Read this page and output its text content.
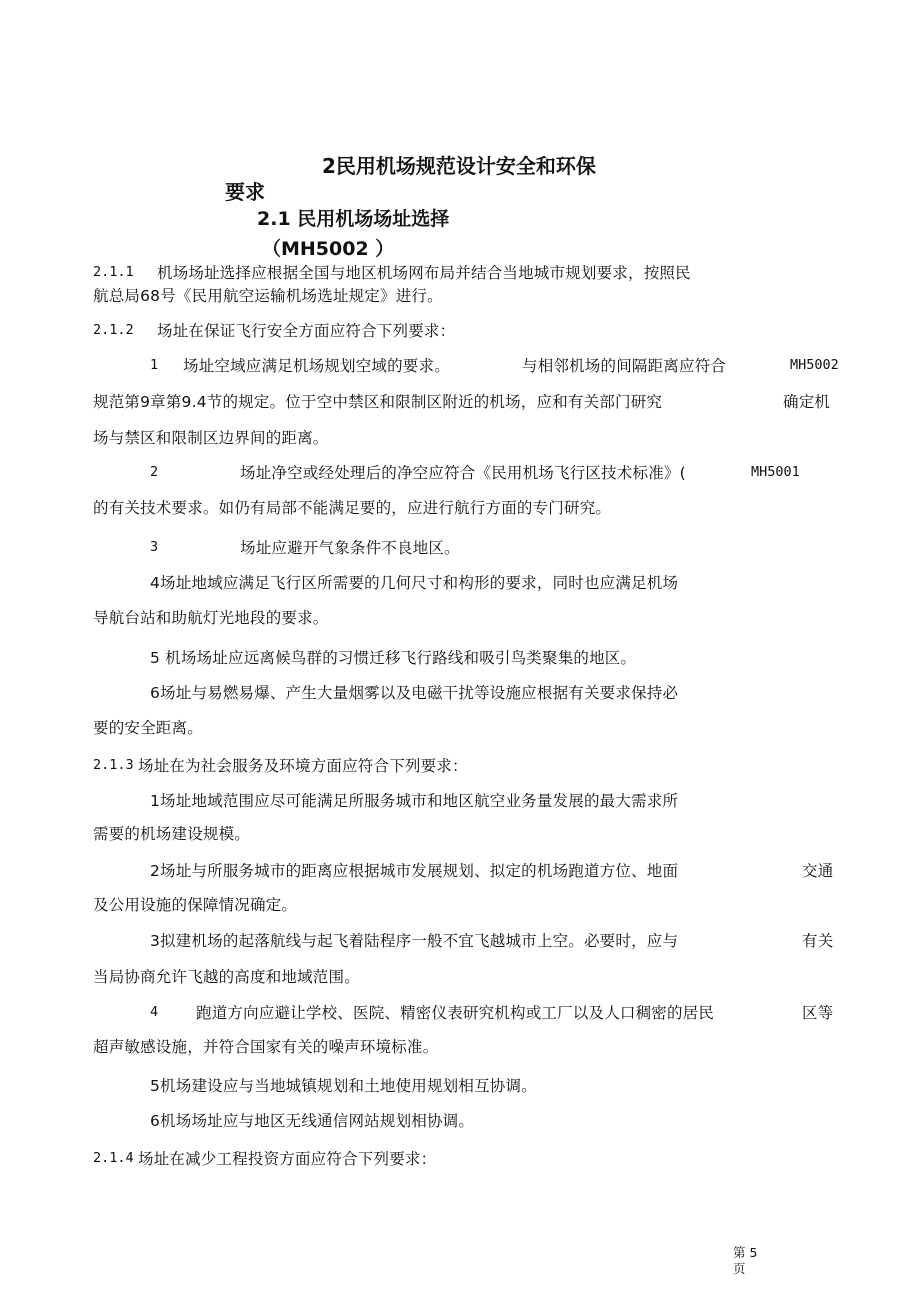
2民用机场规范设计安全和环保
要求
2.1 民用机场场址选择
（MH5002 ）
2.1.1 机场场址选择应根据全国与地区机场网布局并结合当地城市规划要求，按照民
航总局68号《民用航空运输机场选址规定》进行。
2.1.2 场址在保证飞行安全方面应符合下列要求：
1 场址空域应满足机场规划空域的要求。	与相邻机场的间隔距离应符合	MH5002
规范第9章第9.4节的规定。位于空中禁区和限制区附近的机场，应和有关部门研究	确定机
场与禁区和限制区边界间的距离。
2	场址净空或经处理后的净空应符合《民用机场飞行区技术标准》(	MH5001
的有关技术要求。如仍有局部不能满足要的，应进行航行方面的专门研究。
3	场址应避开气象条件不良地区。
4场址地域应满足飞行区所需要的几何尺寸和构形的要求，同时也应满足机场
导航台站和助航灯光地段的要求。
5 机场场址应远离候鸟群的习惯迁移飞行路线和吸引鸟类聚集的地区。
6场址与易燃易爆、产生大量烟雾以及电磁干扰等设施应根据有关要求保持必
要的安全距离。
2.1.3 场址在为社会服务及环境方面应符合下列要求：
1场址地域范围应尽可能满足所服务城市和地区航空业务量发展的最大需求所
需要的机场建设规模。
2场址与所服务城市的距离应根据城市发展规划、拟定的机场跑道方位、地面	交通
及公用设施的保障情况确定。
3拟建机场的起落航线与起飞着陆程序一般不宜飞越城市上空。必要时，应与	有关
当局协商允许飞越的高度和地域范围。
4 跑道方向应避让学校、医院、精密仪表研究机构或工厂以及人口稠密的居民	区等
超声敏感设施，并符合国家有关的噪声环境标准。
5机场建设应与当地城镇规划和土地使用规划相互协调。
6机场场址应与地区无线通信网站规划相协调。
2.1.4 场址在减少工程投资方面应符合下列要求：
第 5
页
